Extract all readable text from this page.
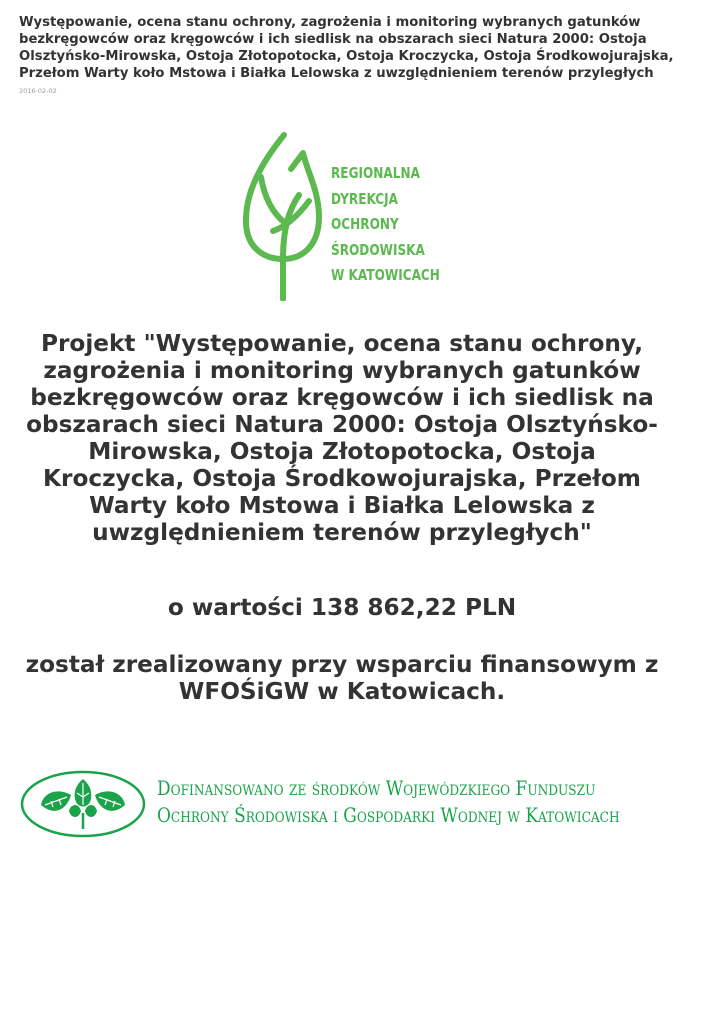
Występowanie, ocena stanu ochrony, zagrożenia i monitoring wybranych gatunków bezkręgowców oraz kręgowców i ich siedlisk na obszarach sieci Natura 2000: Ostoja Olsztyńsko-Mirowska, Ostoja Złotopotocka, Ostoja Kroczycka, Ostoja Środkowojurajska, Przełom Warty koło Mstowa i Białka Lelowska z uwzględnieniem terenów przyległych
2016-02-02
REGIONALNA
DYREKCJA
OCHRONY
ŚRODOWISKA
W KATOWICACH

Projekt "Występowanie, ocena stanu ochrony, zagrożenia i monitoring wybranych gatunków bezkręgowców oraz kręgowców i ich siedlisk na obszarach sieci Natura 2000: Ostoja Olsztyńsko-Mirowska, Ostoja Złotopotocka, Ostoja Kroczycka, Ostoja Środkowojurajska, Przełom Warty koło Mstowa i Białka Lelowska z uwzględnieniem terenów przyległych"

o wartości 138 862,22 PLN

został zrealizowany przy wsparciu finansowym z WFOŚiGW w Katowicach.

Dofinansowano ze środków Wojewódzkiego Funduszu
Ochrony Środowiska i Gospodarki Wodnej w Katowicach
